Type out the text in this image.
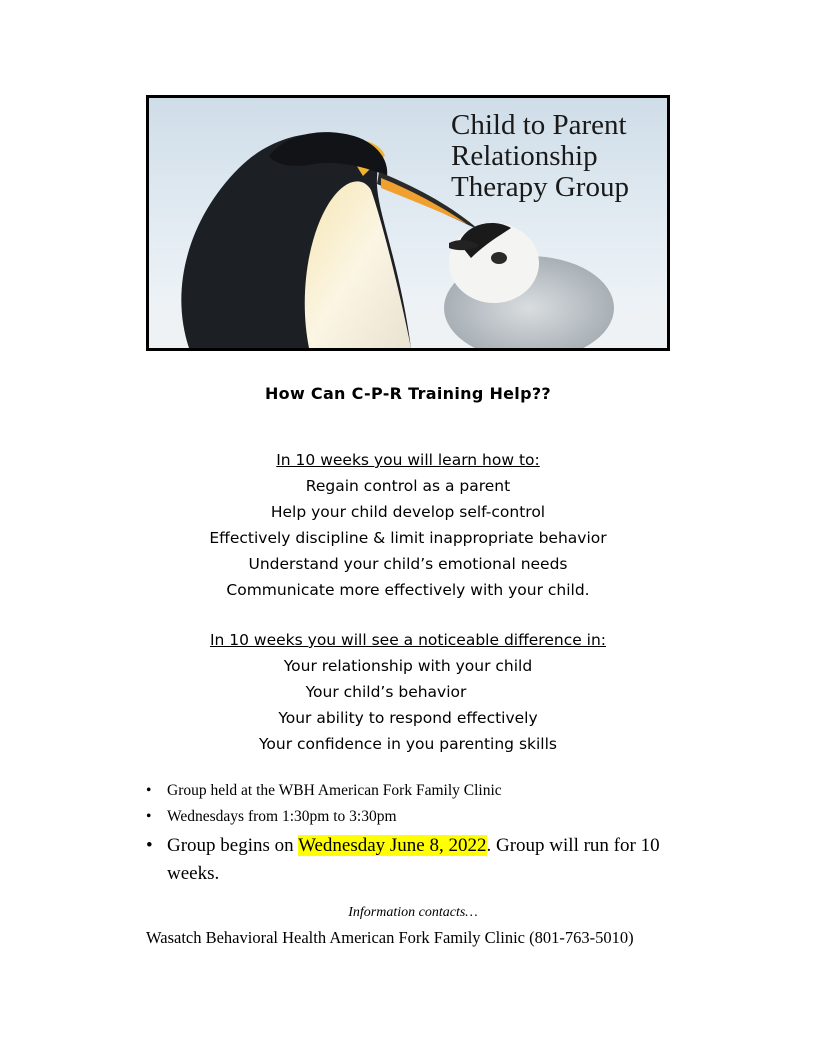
Child to Parent
Relationship
Therapy Group
How Can C-P-R Training Help??
In 10 weeks you will learn how to:
Regain control as a parent
Help your child develop self-control
Effectively discipline & limit inappropriate behavior
Understand your child’s emotional needs
Communicate more effectively with your child.
In 10 weeks you will see a noticeable difference in:
Your relationship with your child
Your child’s behavior
Your ability to respond effectively
Your confidence in you parenting skills
• Group held at the WBH American Fork Family Clinic
• Wednesdays from 1:30pm to 3:30pm
• Group begins on Wednesday June 8, 2022. Group will run for 10 weeks.
Information contacts…
Wasatch Behavioral Health American Fork Family Clinic (801-763-5010)
